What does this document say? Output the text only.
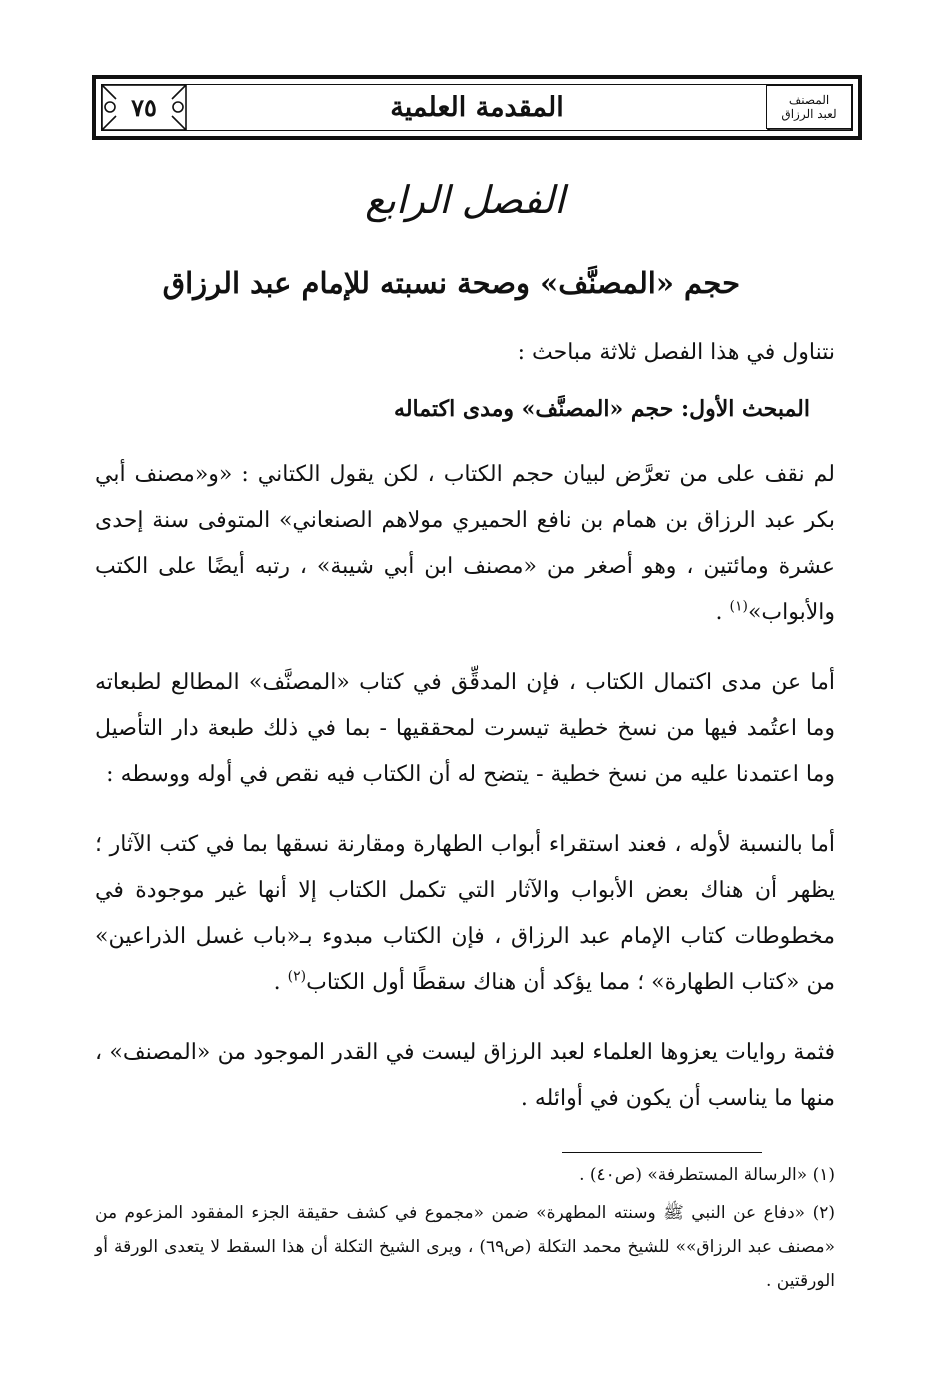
٧٥	المصنف
لعبد الرزاق
المقدمة العلمية
الفصل الرابع
حجم «المصنَّف» وصحة نسبته للإمام عبد الرزاق
نتناول في هذا الفصل ثلاثة مباحث :
المبحث الأول: حجم «المصنَّف» ومدى اكتماله
لم نقف على من تعرَّض لبيان حجم الكتاب ، لكن يقول الكتاني : «و«مصنف أبي بكر عبد الرزاق بن همام بن نافع الحميري مولاهم الصنعاني» المتوفى سنة إحدى عشرة ومائتين ، وهو أصغر من «مصنف ابن أبي شيبة» ، رتبه أيضًا على الكتب والأبواب»$^{(١)}$ .
أما عن مدى اكتمال الكتاب ، فإن المدقِّق في كتاب «المصنَّف» المطالع لطبعاته وما اعتُمد فيها من نسخ خطية تيسرت لمحققيها - بما في ذلك طبعة دار التأصيل وما اعتمدنا عليه من نسخ خطية - يتضح له أن الكتاب فيه نقص في أوله ووسطه :
أما بالنسبة لأوله ، فعند استقراء أبواب الطهارة ومقارنة نسقها بما في كتب الآثار ؛ يظهر أن هناك بعض الأبواب والآثار التي تكمل الكتاب إلا أنها غير موجودة في مخطوطات كتاب الإمام عبد الرزاق ، فإن الكتاب مبدوء بـ«باب غسل الذراعين» من «كتاب الطهارة» ؛ مما يؤكد أن هناك سقطًا أول الكتاب$^{(٢)}$ .
فثمة روايات يعزوها العلماء لعبد الرزاق ليست في القدر الموجود من «المصنف» ، منها ما يناسب أن يكون في أوائله .
(١) «الرسالة المستطرفة» (ص٤٠) .
(٢) «دفاع عن النبي ﷺ وسنته المطهرة» ضمن «مجموع في كشف حقيقة الجزء المفقود المزعوم من «مصنف عبد الرزاق»» للشيخ محمد التكلة (ص٦٩) ، ويرى الشيخ التكلة أن هذا السقط لا يتعدى الورقة أو الورقتين .
